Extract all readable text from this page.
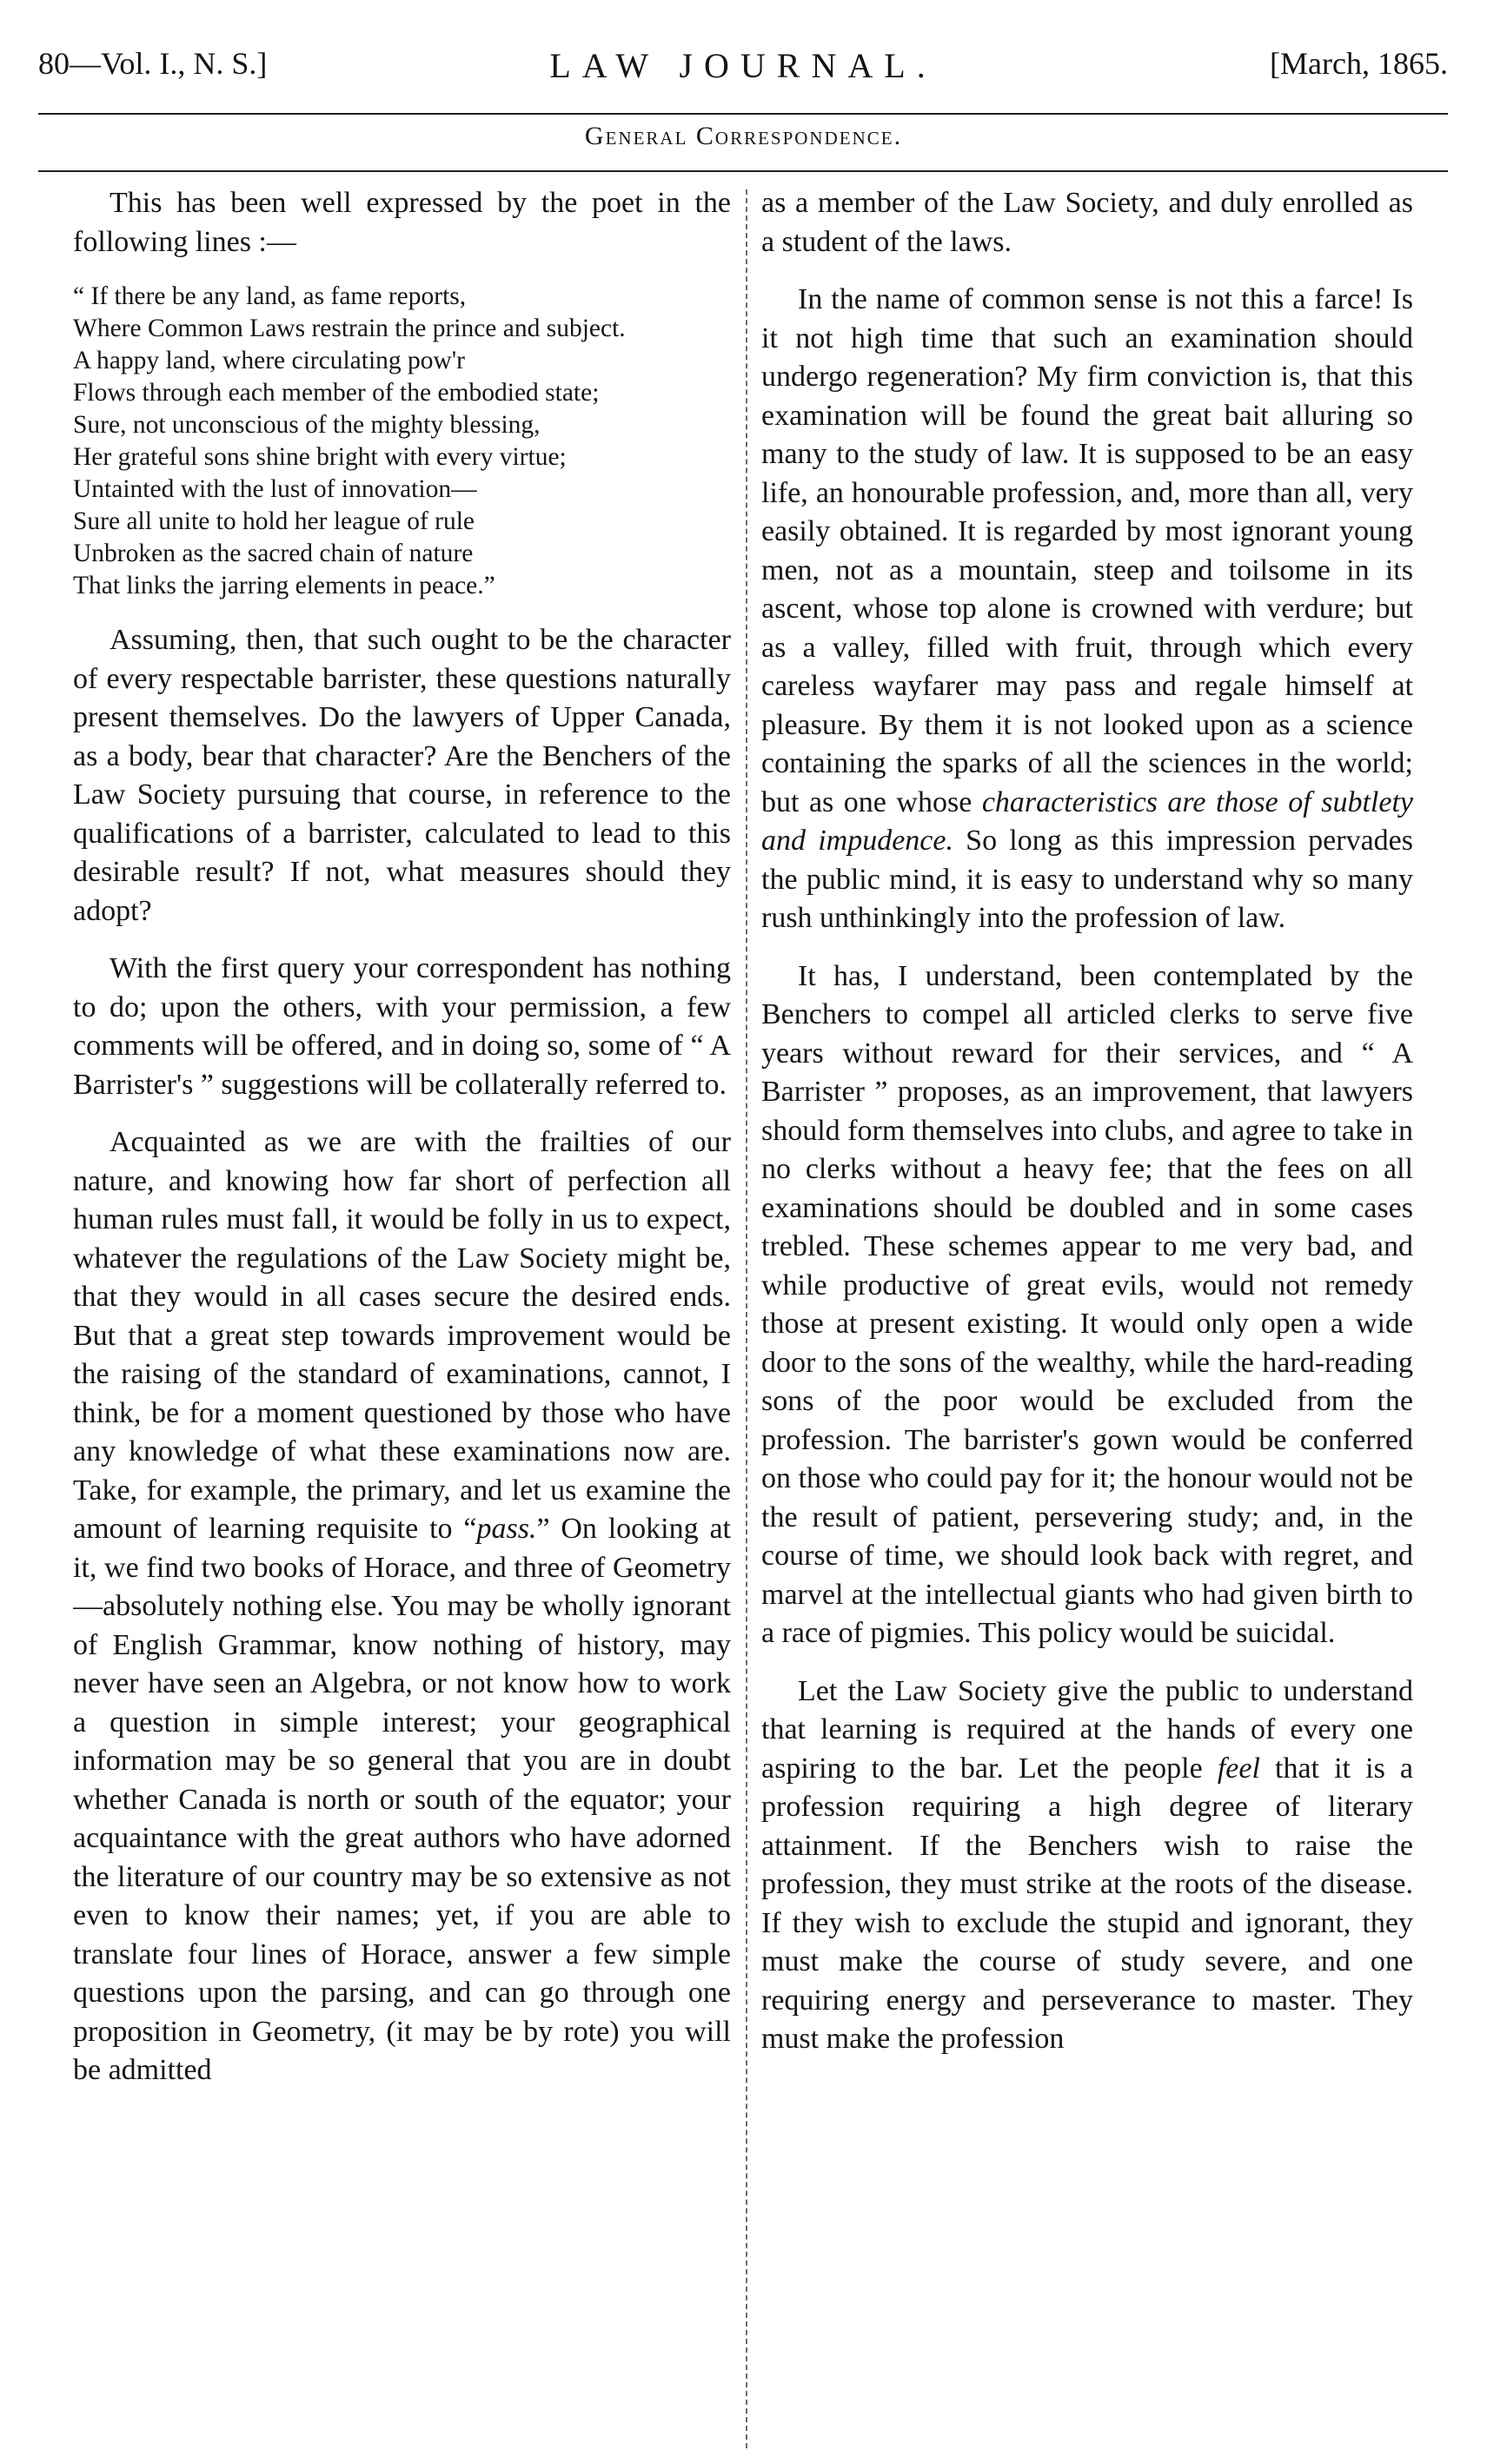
80—Vol. I., N. S.]	LAW JOURNAL.	[March, 1865.
General Correspondence.

This has been well expressed by the poet in the following lines :—

“ If there be any land, as fame reports,
Where Common Laws restrain the prince and subject.
A happy land, where circulating pow'r
Flows through each member of the embodied state;
Sure, not unconscious of the mighty blessing,
Her grateful sons shine bright with every virtue;
Untainted with the lust of innovation—
Sure all unite to hold her league of rule
Unbroken as the sacred chain of nature
That links the jarring elements in peace.”

Assuming, then, that such ought to be the character of every respectable barrister, these questions naturally present themselves. Do the lawyers of Upper Canada, as a body, bear that character? Are the Benchers of the Law Society pursuing that course, in reference to the qualifications of a barrister, calculated to lead to this desirable result? If not, what measures should they adopt?

With the first query your correspondent has nothing to do; upon the others, with your permission, a few comments will be offered, and in doing so, some of “ A Barrister's ” suggestions will be collaterally referred to.

Acquainted as we are with the frailties of our nature, and knowing how far short of perfection all human rules must fall, it would be folly in us to expect, whatever the regulations of the Law Society might be, that they would in all cases secure the desired ends. But that a great step towards improvement would be the raising of the standard of examinations, cannot, I think, be for a moment questioned by those who have any knowledge of what these examinations now are. Take, for example, the primary, and let us examine the amount of learning requisite to “pass.” On looking at it, we find two books of Horace, and three of Geometry—absolutely nothing else. You may be wholly ignorant of English Grammar, know nothing of history, may never have seen an Algebra, or not know how to work a question in simple interest; your geographical information may be so general that you are in doubt whether Canada is north or south of the equator; your acquaintance with the great authors who have adorned the literature of our country may be so extensive as not even to know their names; yet, if you are able to translate four lines of Horace, answer a few simple questions upon the parsing, and can go through one proposition in Geometry, (it may be by rote) you will be admitted

as a member of the Law Society, and duly enrolled as a student of the laws.

In the name of common sense is not this a farce! Is it not high time that such an examination should undergo regeneration? My firm conviction is, that this examination will be found the great bait alluring so many to the study of law. It is supposed to be an easy life, an honourable profession, and, more than all, very easily obtained. It is regarded by most ignorant young men, not as a mountain, steep and toilsome in its ascent, whose top alone is crowned with verdure; but as a valley, filled with fruit, through which every careless wayfarer may pass and regale himself at pleasure. By them it is not looked upon as a science containing the sparks of all the sciences in the world; but as one whose characteristics are those of subtlety and impudence. So long as this impression pervades the public mind, it is easy to understand why so many rush unthinkingly into the profession of law.

It has, I understand, been contemplated by the Benchers to compel all articled clerks to serve five years without reward for their services, and “ A Barrister ” proposes, as an improvement, that lawyers should form themselves into clubs, and agree to take in no clerks without a heavy fee; that the fees on all examinations should be doubled and in some cases trebled. These schemes appear to me very bad, and while productive of great evils, would not remedy those at present existing. It would only open a wide door to the sons of the wealthy, while the hard-reading sons of the poor would be excluded from the profession. The barrister's gown would be conferred on those who could pay for it; the honour would not be the result of patient, persevering study; and, in the course of time, we should look back with regret, and marvel at the intellectual giants who had given birth to a race of pigmies. This policy would be suicidal.

Let the Law Society give the public to understand that learning is required at the hands of every one aspiring to the bar. Let the people feel that it is a profession requiring a high degree of literary attainment. If the Benchers wish to raise the profession, they must strike at the roots of the disease. If they wish to exclude the stupid and ignorant, they must make the course of study severe, and one requiring energy and perseverance to master. They must make the profession
